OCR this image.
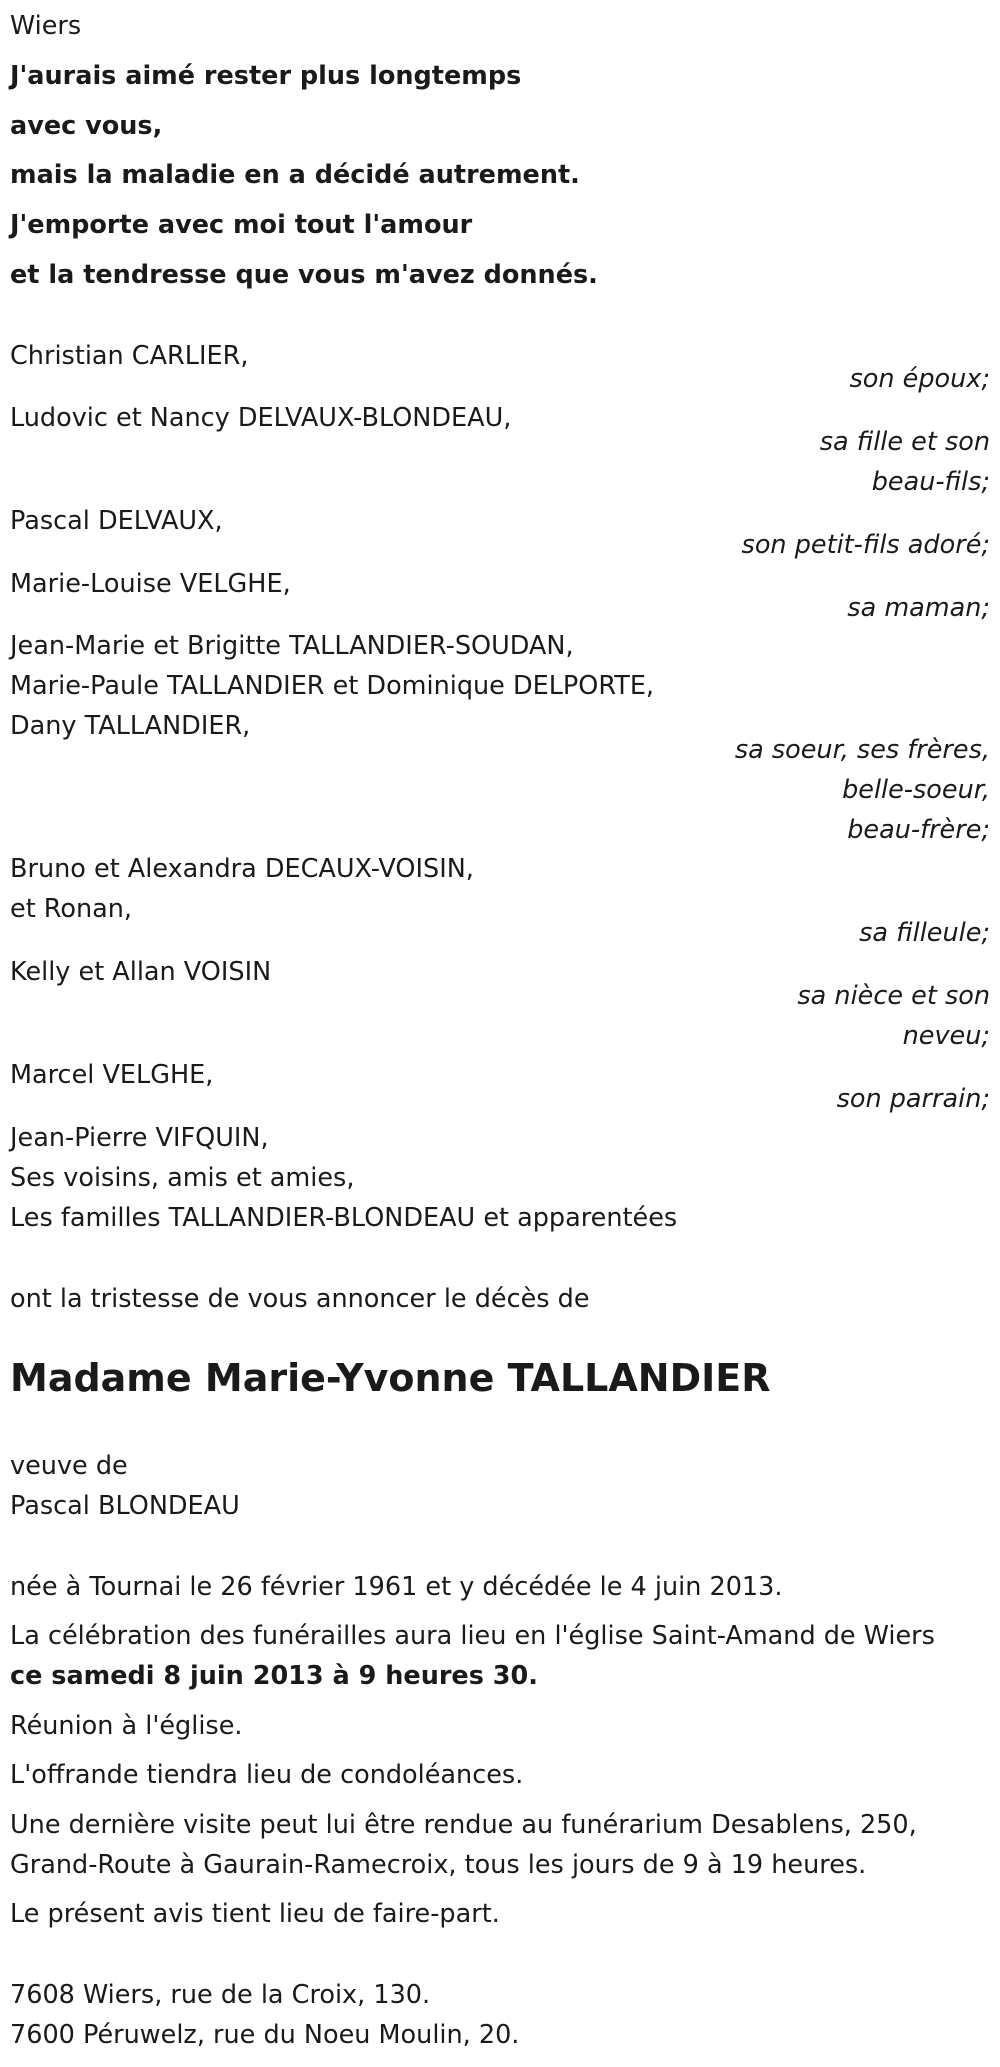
Wiers
J'aurais aimé rester plus longtemps
avec vous,
mais la maladie en a décidé autrement.
J'emporte avec moi tout l'amour
et la tendresse que vous m'avez donnés.
Christian CARLIER,
son époux;
Ludovic et Nancy DELVAUX-BLONDEAU,
sa fille et son
beau-fils;
Pascal DELVAUX,
son petit-fils adoré;
Marie-Louise VELGHE,
sa maman;
Jean-Marie et Brigitte TALLANDIER-SOUDAN,
Marie-Paule TALLANDIER et Dominique DELPORTE,
Dany TALLANDIER,
sa soeur, ses frères,
belle-soeur,
beau-frère;
Bruno et Alexandra DECAUX-VOISIN,
et Ronan,
sa filleule;
Kelly et Allan VOISIN
sa nièce et son
neveu;
Marcel VELGHE,
son parrain;
Jean-Pierre VIFQUIN,
Ses voisins, amis et amies,
Les familles TALLANDIER-BLONDEAU et apparentées
ont la tristesse de vous annoncer le décès de
Madame Marie-Yvonne TALLANDIER
veuve de
Pascal BLONDEAU
née à Tournai le 26 février 1961 et y décédée le 4 juin 2013.
La célébration des funérailles aura lieu en l'église Saint-Amand de Wiers
ce samedi 8 juin 2013 à 9 heures 30.
Réunion à l'église.
L'offrande tiendra lieu de condoléances.
Une dernière visite peut lui être rendue au funérarium Desablens, 250,
Grand-Route à Gaurain-Ramecroix, tous les jours de 9 à 19 heures.
Le présent avis tient lieu de faire-part.
7608 Wiers, rue de la Croix, 130.
7600 Péruwelz, rue du Noeu Moulin, 20.
